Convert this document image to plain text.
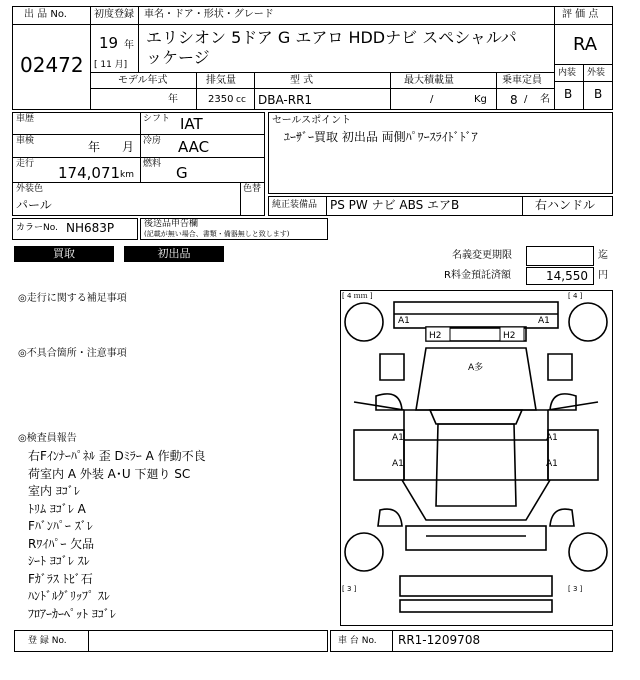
出 品 No.
02472
初度登録
19 年
[ 11 月]
車名・ドア・形状・グレード
エリシオン 5ドア G エアロ HDDナビ スペシャルパッケージ
評 価 点
RA
内装 外装
B B
モデル年式	排気量	型 式	最大積載量	乗車定員
年	2350 cc DBA-RR1	/	Kg 8 / 名
車歴	シフト IAT
車検	年 月 冷房 AAC
走行 174,071 km
燃料 G
外装色
パール
色替
セールスポイント
ﾕｰｻﾞｰ買取 初出品 両側ﾊﾟﾜｰｽﾗｲﾄﾞﾄﾞｱ
純正装備品 PS PW ナビ ABS エアB	右ハンドル
カラーNo. NH683P	後送品申告欄
(記載が無い場合、書類・備器無しと致します)
買取	初出品	名義変更期限	迄
R料金預託済額	14,550 円
◎走行に関する補足事項
◎不具合箇所・注意事項
◎検査員報告
右Fｲﾝﾅｰﾊﾟﾈﾙ 歪 Dﾐﾗｰ A 作動不良
荷室内 A 外装 A･U 下廻り SC
室内 ﾖｺﾞﾚ
ﾄﾘﾑ ﾖｺﾞﾚ A
Fﾊﾞﾝﾊﾟｰ ｽﾞﾚ
Rﾜｲﾊﾟｰ 欠品
ｼｰﾄ ﾖｺﾞﾚ ｽﾚ
Fｶﾞﾗｽ ﾄﾋﾞ石
ﾊﾝﾄﾞﾙｸﾞﾘｯﾌﾟ ｽﾚ
ﾌﾛｱｰｶｰﾍﾟｯﾄ ﾖｺﾞﾚ
[ 4 ｍｍ ]	[ 4 ]
[ 3 ]	[ 3 ]
A1	A1
H2	H2
A多
A1
A1
A1
A1
登 録 No.	車 台 No. RR1-1209708
